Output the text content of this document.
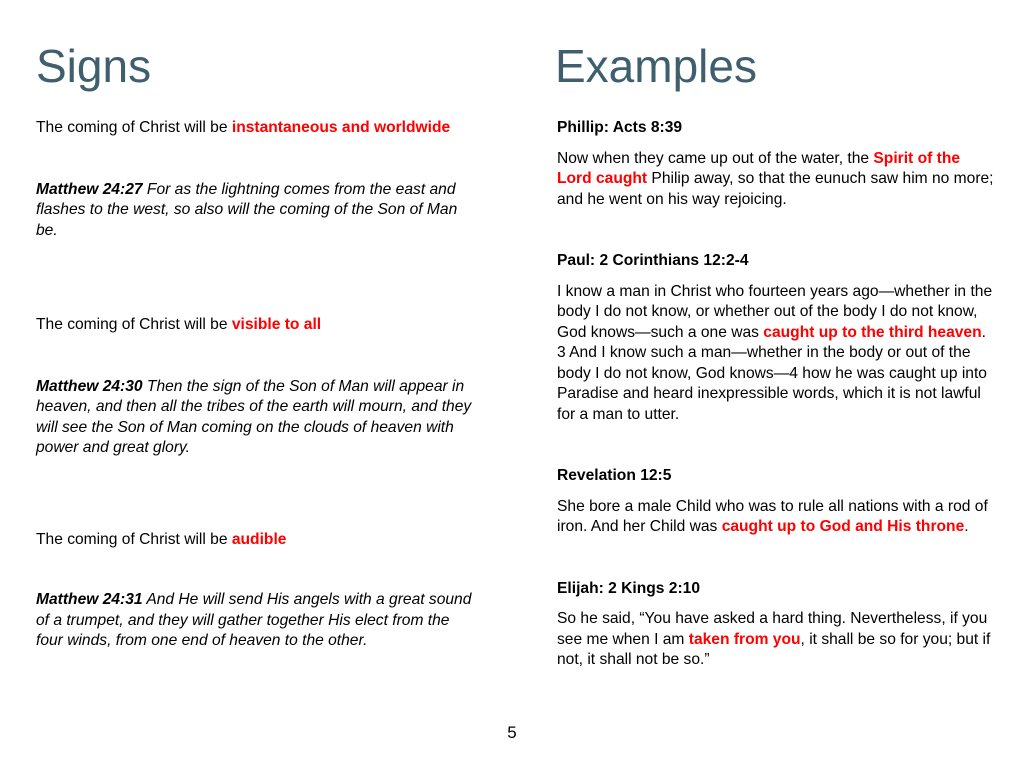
Signs	Examples

The coming of Christ will be instantaneous and worldwide

Matthew 24:27 For as the lightning comes from the east and flashes to the west, so also will the coming of the Son of Man be.

The coming of Christ will be visible to all

Matthew 24:30 Then the sign of the Son of Man will appear in heaven, and then all the tribes of the earth will mourn, and they will see the Son of Man coming on the clouds of heaven with power and great glory.

The coming of Christ will be audible

Matthew 24:31 And He will send His angels with a great sound of a trumpet, and they will gather together His elect from the four winds, from one end of heaven to the other.

Phillip: Acts 8:39

Now when they came up out of the water, the Spirit of the Lord caught Philip away, so that the eunuch saw him no more; and he went on his way rejoicing.

Paul: 2 Corinthians 12:2-4

I know a man in Christ who fourteen years ago—whether in the body I do not know, or whether out of the body I do not know, God knows—such a one was caught up to the third heaven. 3 And I know such a man—whether in the body or out of the body I do not know, God knows—4 how he was caught up into Paradise and heard inexpressible words, which it is not lawful for a man to utter.

Revelation 12:5

She bore a male Child who was to rule all nations with a rod of iron. And her Child was caught up to God and His throne.

Elijah: 2 Kings 2:10

So he said, “You have asked a hard thing. Nevertheless, if you see me when I am taken from you, it shall be so for you; but if not, it shall not be so.”

5
